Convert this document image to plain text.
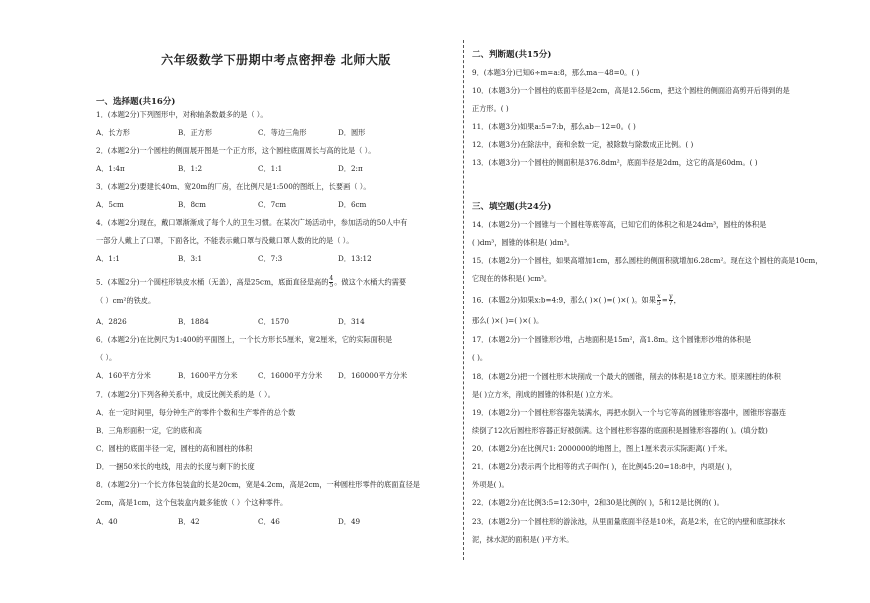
六年级数学下册期中考点密押卷 北师大版
一、选择题(共16分)
1．(本题2分)下列图形中，对称轴条数最多的是（ ）。
A．长方形	B．正方形	C．等边三角形	D．圆形
2．(本题2分)一个圆柱的侧面展开图是一个正方形，这个圆柱底面周长与高的比是（ ）。
A．1:4π	B．1:2	C．1:1	D．2:π
3．(本题2分)要建长40m、宽20m的厂房，在比例尺是1:500的图纸上，长要画（ ）。
A．5cm	B．8cm	C．7cm	D．6cm
4．(本题2分)现在，戴口罩渐渐成了每个人的卫生习惯。在某次广场活动中，参加活动的50人中有
一部分人戴上了口罩，下面各比，不能表示戴口罩与没戴口罩人数的比的是（ ）。
A．1:1	B．3:1	C．7:3	D．13:12
5．(本题2分)一个圆柱形铁皮水桶（无盖），高是25cm，底面直径是高的 $\frac{4}{5}$ 。做这个水桶大约需要
（ ）cm²的铁皮。
A．2826	B．1884	C．1570	D．314
6．(本题2分)在比例尺为1:400的平面图上，一个长方形长5厘米，宽2厘米，它的实际面积是
（ ）。
A．160平方分米	B．1600平方分米	C．16000平方分米 D．160000平方分米
7．(本题2分)下列各种关系中，成反比例关系的是（ ）。
A．在一定时间里，每分钟生产的零件个数和生产零件的总个数
B．三角形面积一定，它的底和高
C．圆柱的底面半径一定，圆柱的高和圆柱的体积
D．一捆50米长的电线，用去的长度与剩下的长度
8．(本题2分)一个长方体包装盒的长是20cm，宽是4.2cm，高是2cm，一种圆柱形零件的底面直径是
2cm，高是1cm，这个包装盒内最多能放（ ）个这种零件。
A．40	B．42	C．46	D．49
二、判断题(共15分)
9．(本题3分)已知6÷m=a:8，那么ma－48=0。( )
10．(本题3分)一个圆柱的底面半径是2cm，高是12.56cm，把这个圆柱的侧面沿高剪开后得到的是
正方形。( )
11．(本题3分)如果a:5=7:b，那么ab－12=0。( )
12．(本题3分)在除法中，商和余数一定，被除数与除数成正比例。( )
13．(本题3分)一个圆柱的侧面积是376.8dm²，底面半径是2dm，这它的高是60dm。( )
三、填空题(共24分)
14．(本题2分)一个圆锥与一个圆柱等底等高，已知它们的体积之和是24dm³，圆柱的体积是
( )dm³，圆锥的体积是( )dm³。
15．(本题2分)一个圆柱，如果高增加1cm，那么圆柱的侧面积就增加6.28cm²。现在这个圆柱的高是10cm，
它现在的体积是( )cm³。
16．(本题2分)如果x:b=4:9，那么( )×( )=( )×( )。如果 $\frac{x}{5} = \frac{y}{7}$ ，
那么( )×( )=( )×( )。
17．(本题2分)一个圆锥形沙堆，占地面积是15m²，高1.8m。这个圆锥形沙堆的体积是
( )。
18．(本题2分)把一个圆柱形木块削成一个最大的圆锥，削去的体积是18立方米。原来圆柱的体积
是( )立方米，削成的圆锥的体积是( )立方米。
19．(本题2分)一个圆柱形容器先装满水，再把水倒入一个与它等高的圆锥形容器中，圆锥形容器连
续倒了12次后圆柱形容器正好被倒满。这个圆柱形容器的底面积是圆锥形容器的( )。(填分数)
20．(本题2分)在比例尺1: 2000000的地图上，图上1厘米表示实际距离( )千米。
21．(本题2分)表示两个比相等的式子叫作( )，在比例45:20=18:8中，内项是( )，
外项是( )。
22．(本题2分)在比例3:5=12:30中，2和30是比例的( )，5和12是比例的( )。
23．(本题2分)一个圆柱形的游泳池，从里面量底面半径是10米，高是2米，在它的内壁和底部抹水
泥，抹水泥的面积是( )平方米。
